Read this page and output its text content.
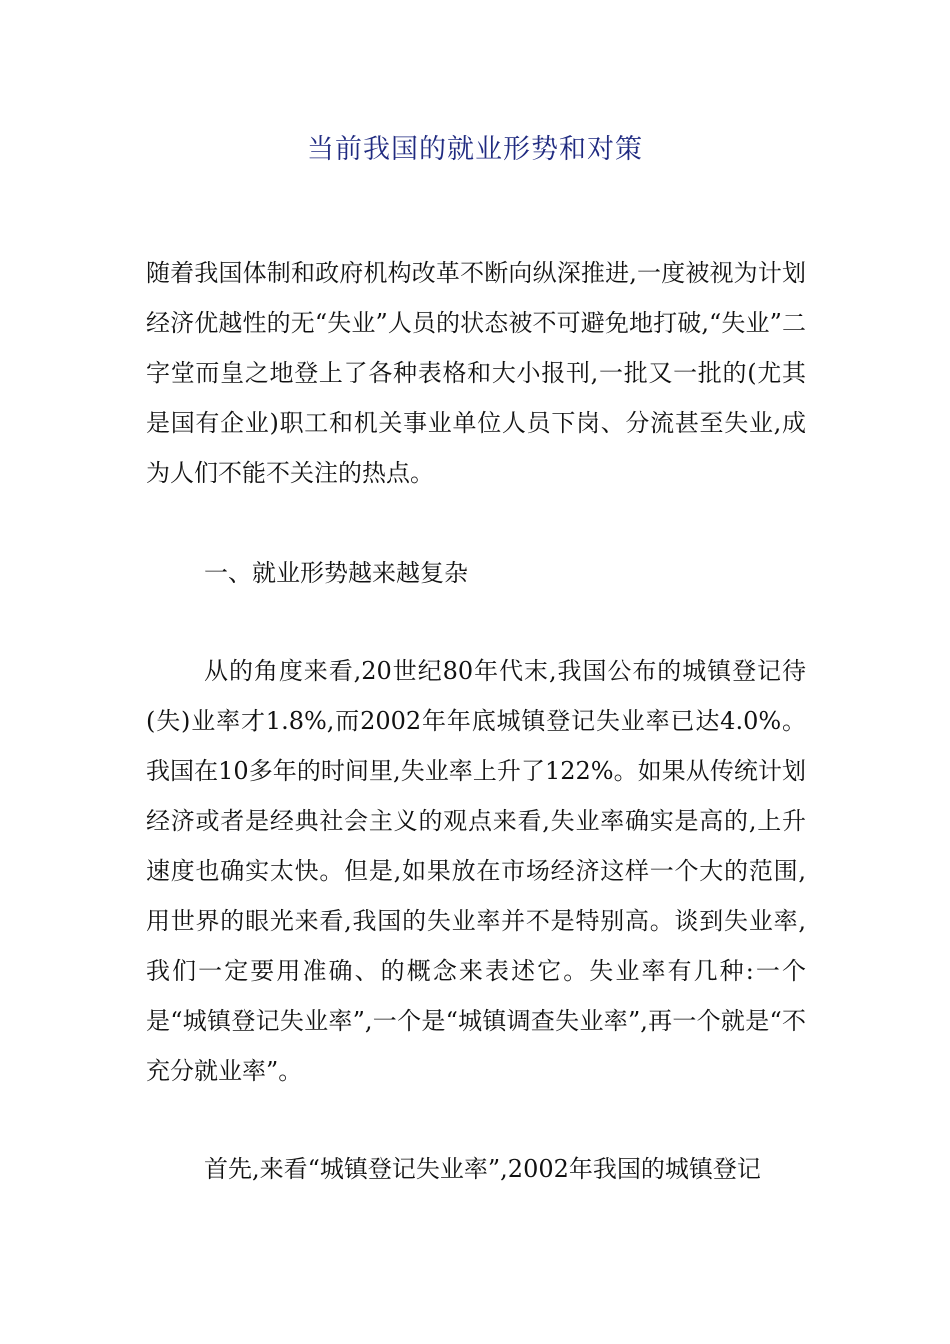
当前我国的就业形势和对策

随着我国体制和政府机构改革不断向纵深推进,一度被视为计划经济优越性的无“失业”人员的状态被不可避免地打破,“失业”二字堂而皇之地登上了各种表格和大小报刊,一批又一批的(尤其是国有企业)职工和机关事业单位人员下岗、分流甚至失业,成为人们不能不关注的热点。

一、就业形势越来越复杂

从的角度来看,20世纪80年代末,我国公布的城镇登记待(失)业率才1.8%,而2002年年底城镇登记失业率已达4.0%。我国在10多年的时间里,失业率上升了122%。如果从传统计划经济或者是经典社会主义的观点来看,失业率确实是高的,上升速度也确实太快。但是,如果放在市场经济这样一个大的范围,用世界的眼光来看,我国的失业率并不是特别高。谈到失业率,我们一定要用准确、的概念来表述它。失业率有几种:一个是“城镇登记失业率”,一个是“城镇调查失业率”,再一个就是“不充分就业率”。

首先,来看“城镇登记失业率”,2002年我国的城镇登记
